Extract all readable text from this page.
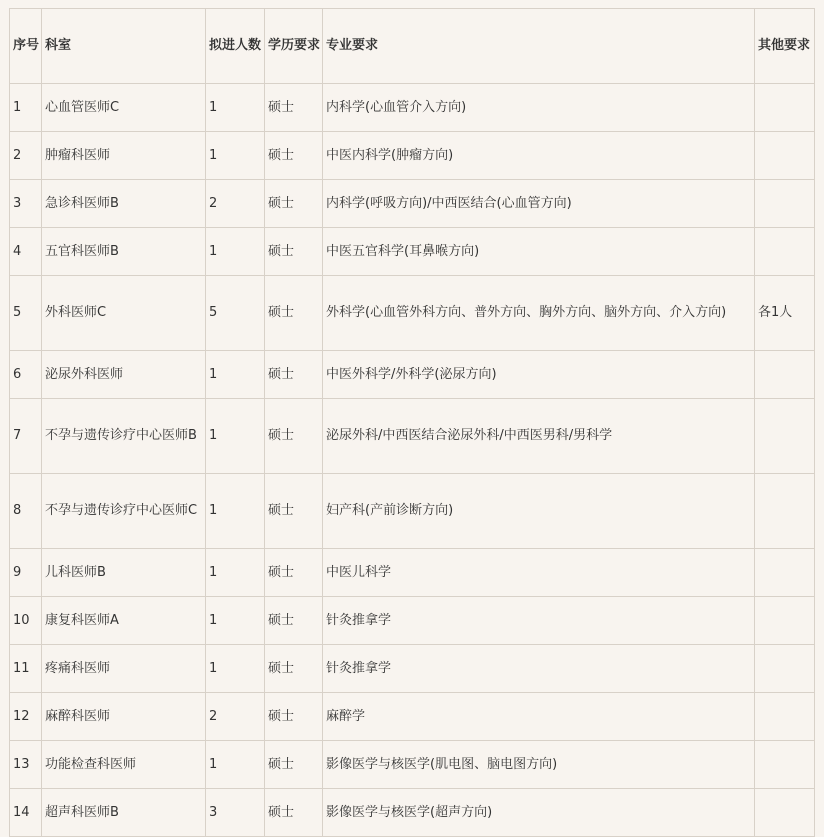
序号	科室	拟进人数	学历要求	专业要求	其他要求
1	心血管医师C	1	硕士	内科学(心血管介入方向)	
2	肿瘤科医师	1	硕士	中医内科学(肿瘤方向)	
3	急诊科医师B	2	硕士	内科学(呼吸方向)/中西医结合(心血管方向)	
4	五官科医师B	1	硕士	中医五官科学(耳鼻喉方向)	
5	外科医师C	5	硕士	外科学(心血管外科方向、普外方向、胸外方向、脑外方向、介入方向)	各1人
6	泌尿外科医师	1	硕士	中医外科学/外科学(泌尿方向)	
7	不孕与遗传诊疗中心医师B	1	硕士	泌尿外科/中西医结合泌尿外科/中西医男科/男科学	
8	不孕与遗传诊疗中心医师C	1	硕士	妇产科(产前诊断方向)	
9	儿科医师B	1	硕士	中医儿科学	
10	康复科医师A	1	硕士	针灸推拿学	
11	疼痛科医师	1	硕士	针灸推拿学	
12	麻醉科医师	2	硕士	麻醉学	
13	功能检查科医师	1	硕士	影像医学与核医学(肌电图、脑电图方向)	
14	超声科医师B	3	硕士	影像医学与核医学(超声方向)	
